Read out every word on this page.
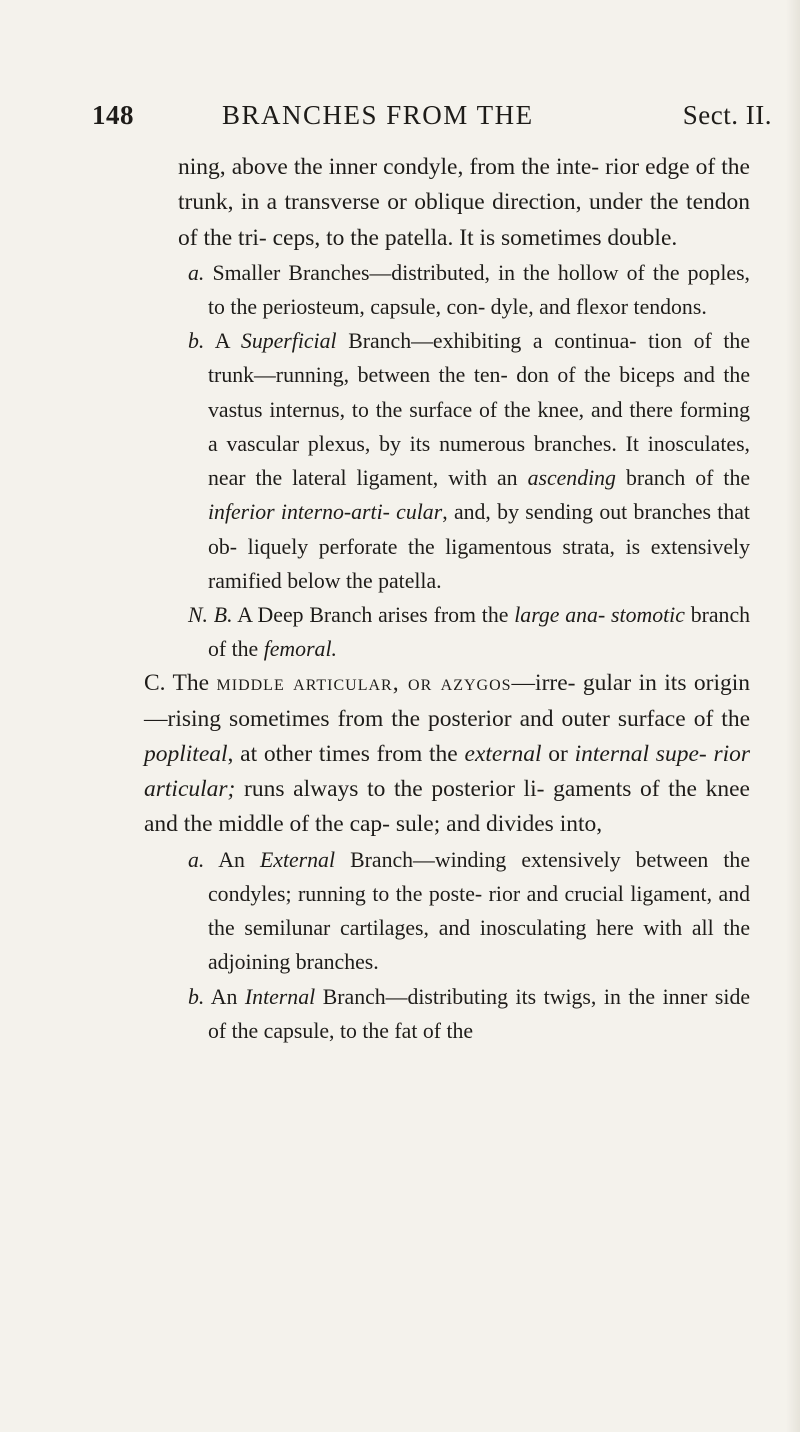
148	BRANCHES FROM THE	Sect. II.

ning, above the inner condyle, from the inte- rior edge of the trunk, in a transverse or oblique direction, under the tendon of the tri- ceps, to the patella. It is sometimes double.

a. Smaller Branches—distributed, in the hollow of the poples, to the periosteum, capsule, con- dyle, and flexor tendons.

b. A Superficial Branch—exhibiting a continua- tion of the trunk—running, between the ten- don of the biceps and the vastus internus, to the surface of the knee, and there forming a vascular plexus, by its numerous branches. It inosculates, near the lateral ligament, with an ascending branch of the inferior interno-arti- cular, and, by sending out branches that ob- liquely perforate the ligamentous strata, is extensively ramified below the patella.

N. B. A Deep Branch arises from the large ana- stomotic branch of the femoral.

C. The middle articular, or azygos—irre- gular in its origin—rising sometimes from the posterior and outer surface of the popliteal, at other times from the external or internal supe- rior articular; runs always to the posterior li- gaments of the knee and the middle of the cap- sule; and divides into,

a. An External Branch—winding extensively between the condyles; running to the poste- rior and crucial ligament, and the semilunar cartilages, and inosculating here with all the adjoining branches.

b. An Internal Branch—distributing its twigs, in the inner side of the capsule, to the fat of the
